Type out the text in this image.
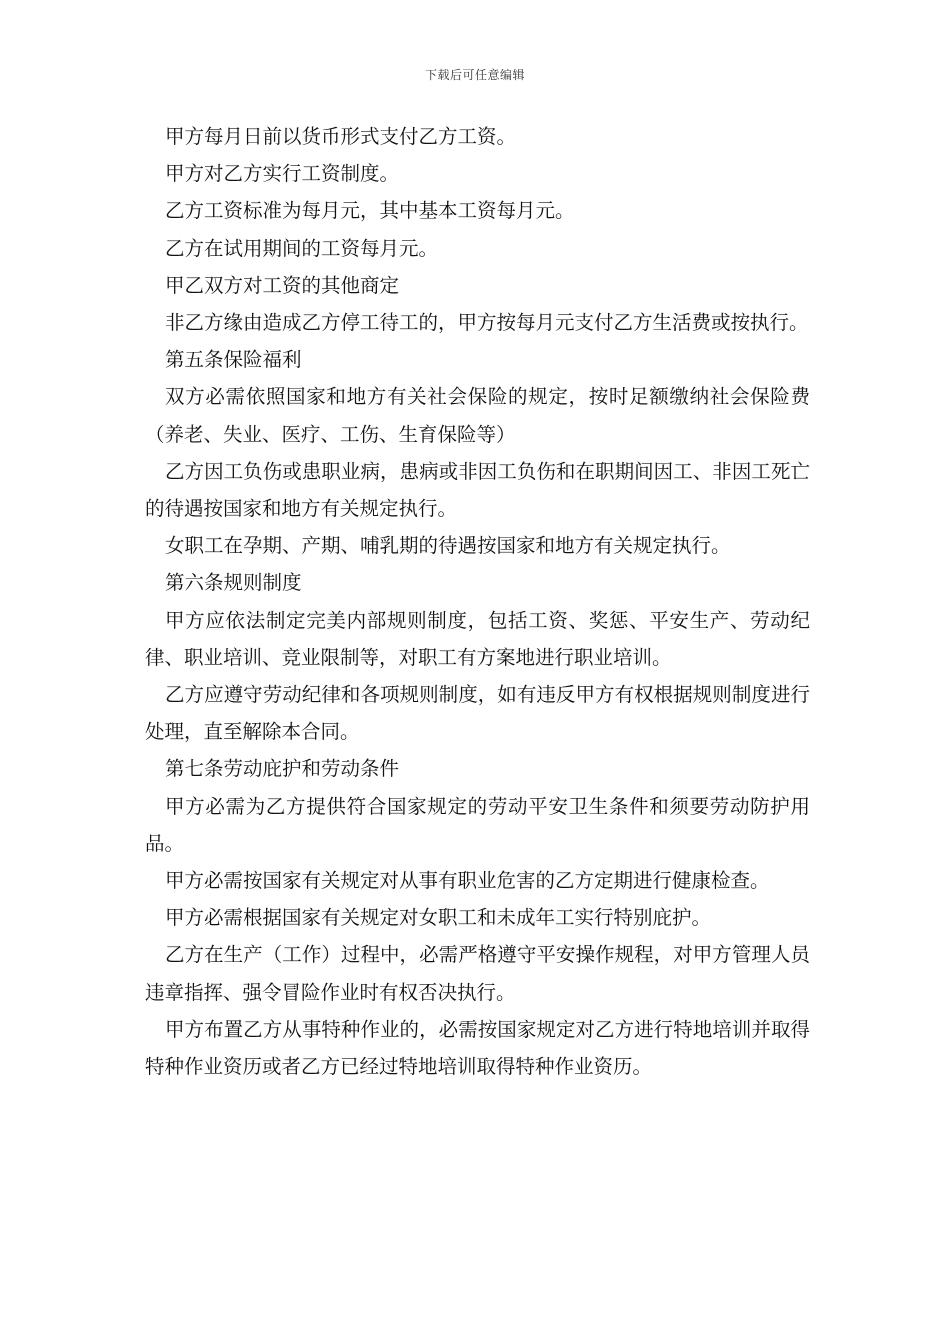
下载后可任意编辑

甲方每月日前以货币形式支付乙方工资。

甲方对乙方实行工资制度。

乙方工资标准为每月元，其中基本工资每月元。

乙方在试用期间的工资每月元。

甲乙双方对工资的其他商定

非乙方缘由造成乙方停工待工的，甲方按每月元支付乙方生活费或按执行。

第五条保险福利

双方必需依照国家和地方有关社会保险的规定，按时足额缴纳社会保险费（养老、失业、医疗、工伤、生育保险等）

乙方因工负伤或患职业病，患病或非因工负伤和在职期间因工、非因工死亡的待遇按国家和地方有关规定执行。

女职工在孕期、产期、哺乳期的待遇按国家和地方有关规定执行。

第六条规则制度

甲方应依法制定完美内部规则制度，包括工资、奖惩、平安生产、劳动纪律、职业培训、竞业限制等，对职工有方案地进行职业培训。

乙方应遵守劳动纪律和各项规则制度，如有违反甲方有权根据规则制度进行处理，直至解除本合同。

第七条劳动庇护和劳动条件

甲方必需为乙方提供符合国家规定的劳动平安卫生条件和须要劳动防护用品。

甲方必需按国家有关规定对从事有职业危害的乙方定期进行健康检查。

甲方必需根据国家有关规定对女职工和未成年工实行特别庇护。

乙方在生产（工作）过程中，必需严格遵守平安操作规程，对甲方管理人员违章指挥、强令冒险作业时有权否决执行。

甲方布置乙方从事特种作业的，必需按国家规定对乙方进行特地培训并取得特种作业资历或者乙方已经过特地培训取得特种作业资历。
